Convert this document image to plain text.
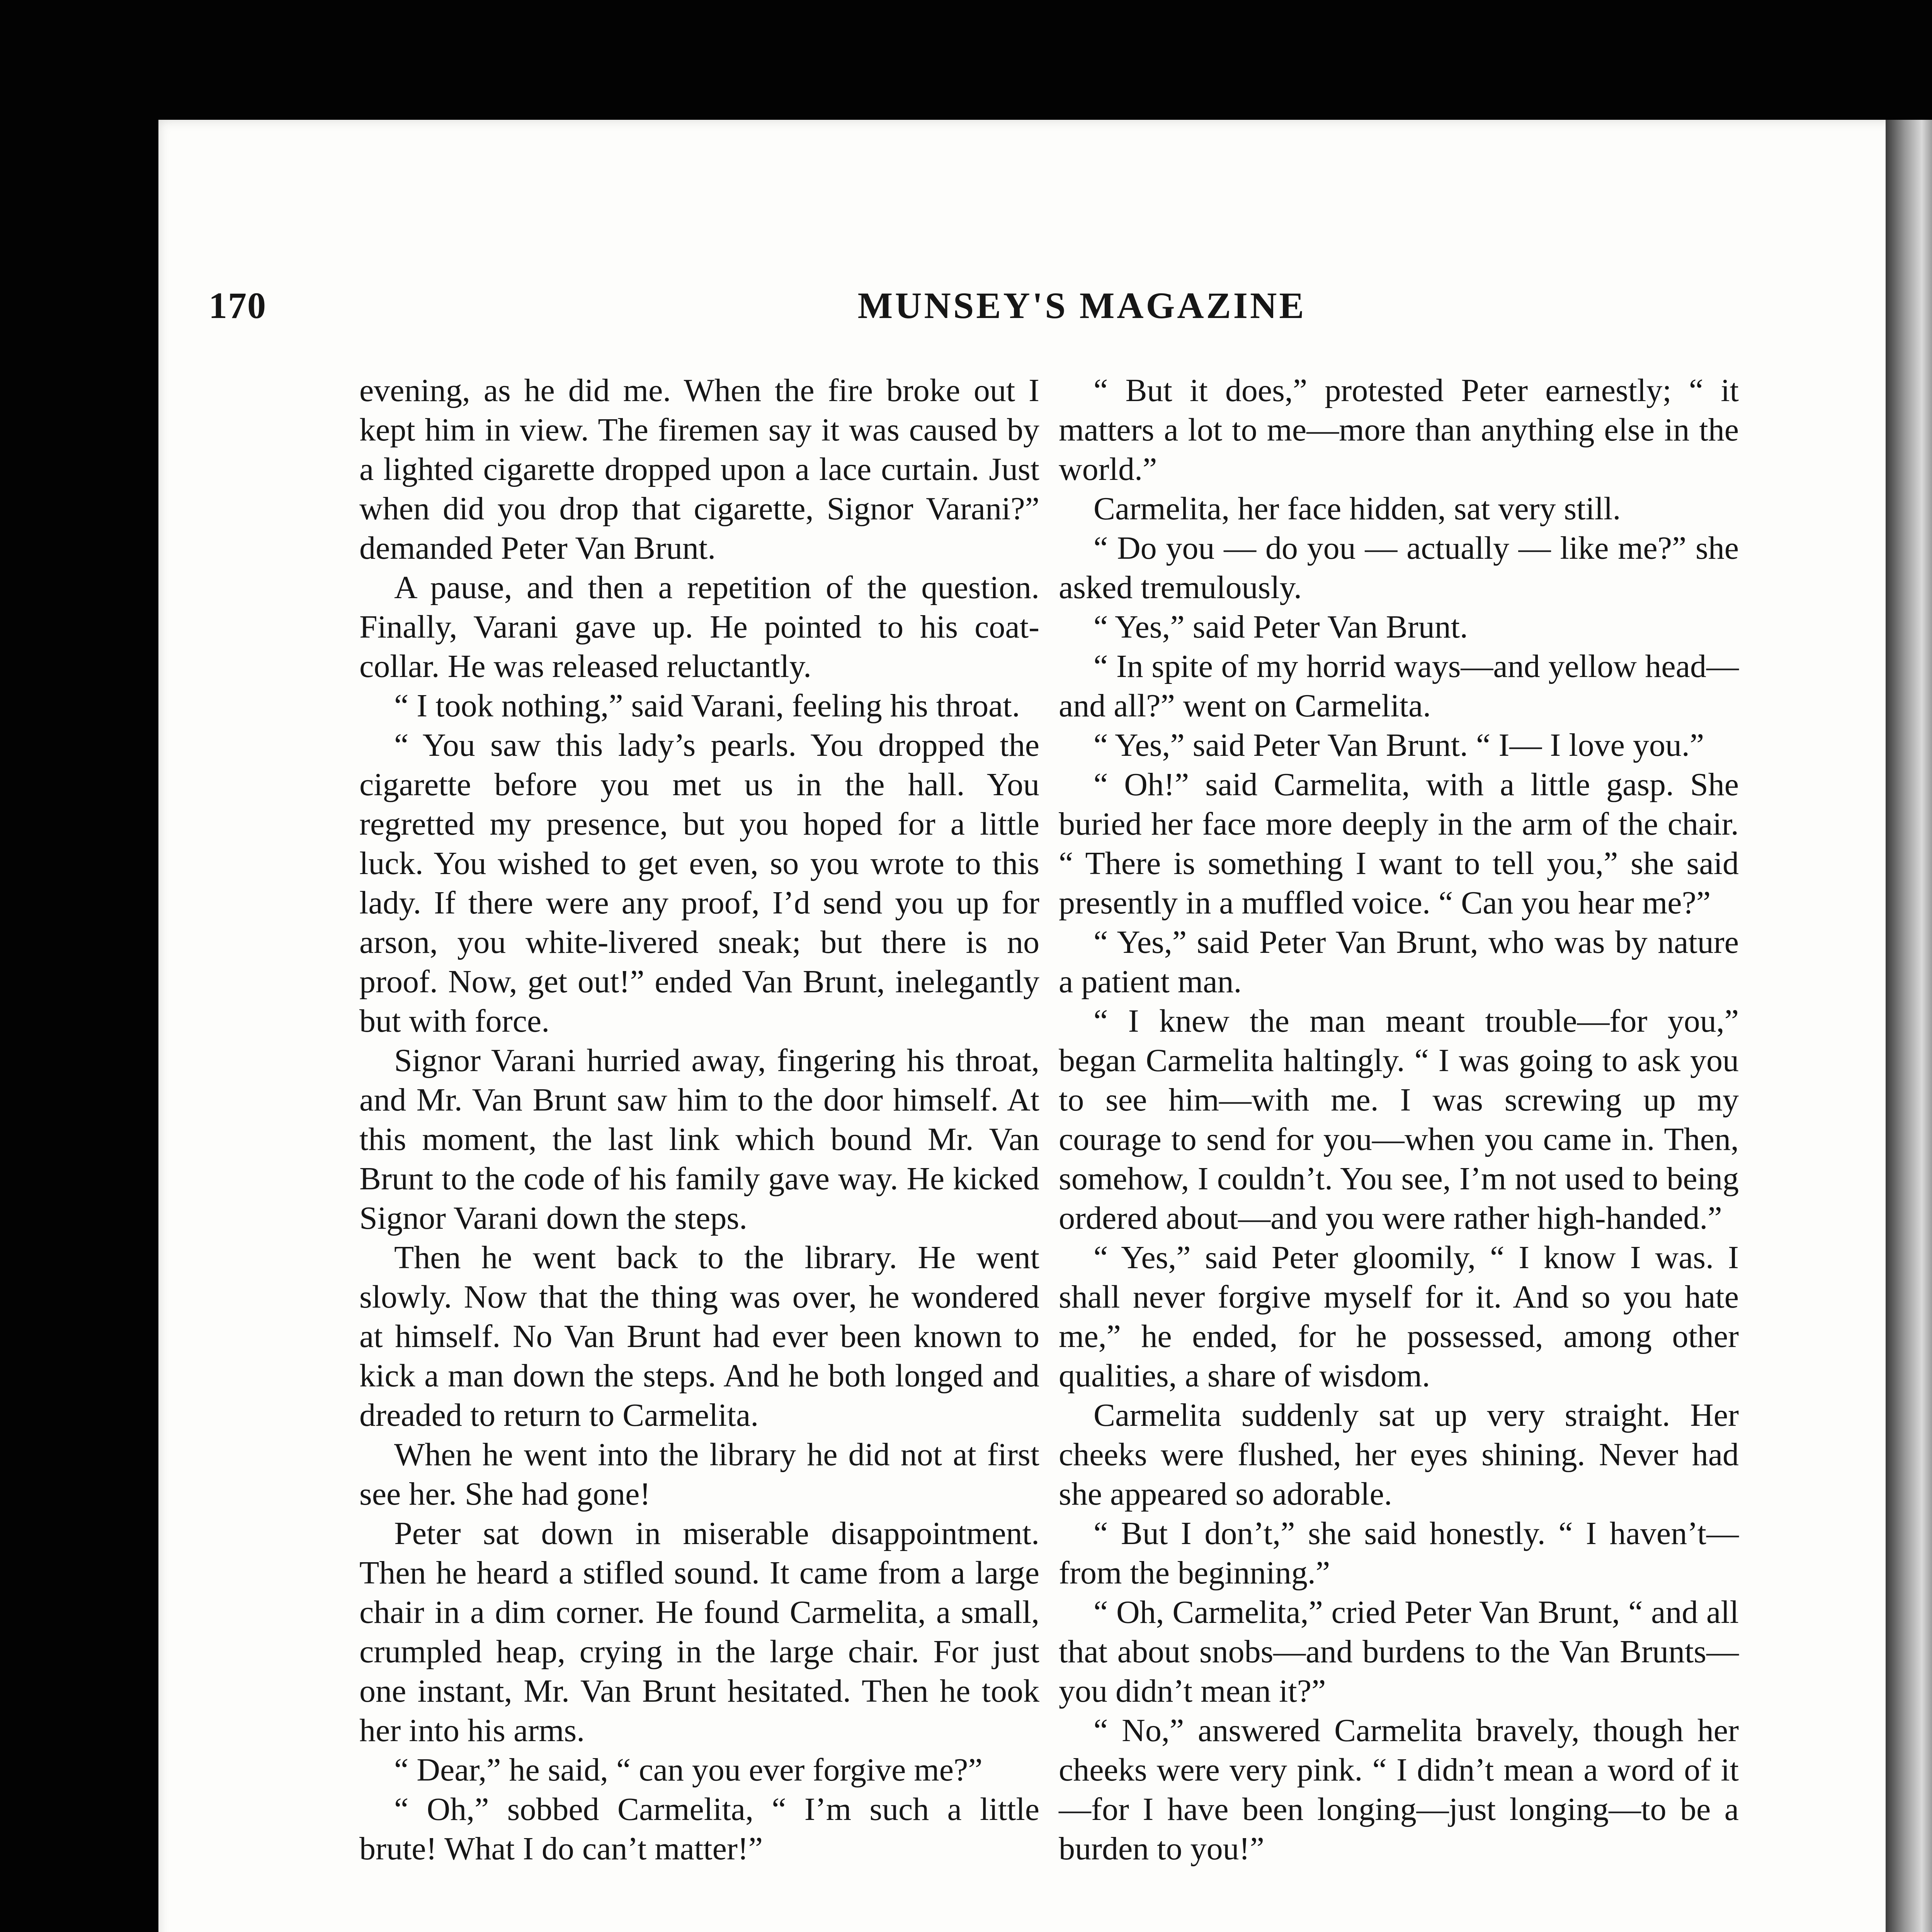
170	MUNSEY'S MAGAZINE

evening, as he did me. When the fire broke out I kept him in view. The firemen say it was caused by a lighted cigarette dropped upon a lace curtain. Just when did you drop that cigarette, Signor Varani?” demanded Peter Van Brunt.

A pause, and then a repetition of the question. Finally, Varani gave up. He pointed to his coat-collar. He was released reluctantly.

“ I took nothing,” said Varani, feeling his throat.

“ You saw this lady’s pearls. You dropped the cigarette before you met us in the hall. You regretted my presence, but you hoped for a little luck. You wished to get even, so you wrote to this lady. If there were any proof, I’d send you up for arson, you white-livered sneak; but there is no proof. Now, get out!” ended Van Brunt, inelegantly but with force.

Signor Varani hurried away, fingering his throat, and Mr. Van Brunt saw him to the door himself. At this moment, the last link which bound Mr. Van Brunt to the code of his family gave way. He kicked Signor Varani down the steps.

Then he went back to the library. He went slowly. Now that the thing was over, he wondered at himself. No Van Brunt had ever been known to kick a man down the steps. And he both longed and dreaded to return to Carmelita.

When he went into the library he did not at first see her. She had gone!

Peter sat down in miserable disappointment. Then he heard a stifled sound. It came from a large chair in a dim corner. He found Carmelita, a small, crumpled heap, crying in the large chair. For just one instant, Mr. Van Brunt hesitated. Then he took her into his arms.

“ Dear,” he said, “ can you ever forgive me?”

“ Oh,” sobbed Carmelita, “ I’m such a little brute! What I do can’t matter!”

“ But it does,” protested Peter earnestly; “ it matters a lot to me—more than anything else in the world.”

Carmelita, her face hidden, sat very still.

“ Do you — do you — actually — like me?” she asked tremulously.

“ Yes,” said Peter Van Brunt.

“ In spite of my horrid ways—and yellow head—and all?” went on Carmelita.

“ Yes,” said Peter Van Brunt. “ I— I love you.”

“ Oh!” said Carmelita, with a little gasp. She buried her face more deeply in the arm of the chair. “ There is something I want to tell you,” she said presently in a muffled voice. “ Can you hear me?”

“ Yes,” said Peter Van Brunt, who was by nature a patient man.

“ I knew the man meant trouble—for you,” began Carmelita haltingly. “ I was going to ask you to see him—with me. I was screwing up my courage to send for you—when you came in. Then, somehow, I couldn’t. You see, I’m not used to being ordered about—and you were rather high-handed.”

“ Yes,” said Peter gloomily, “ I know I was. I shall never forgive myself for it. And so you hate me,” he ended, for he possessed, among other qualities, a share of wisdom.

Carmelita suddenly sat up very straight. Her cheeks were flushed, her eyes shining. Never had she appeared so adorable.

“ But I don’t,” she said honestly. “ I haven’t—from the beginning.”

“ Oh, Carmelita,” cried Peter Van Brunt, “ and all that about snobs—and burdens to the Van Brunts—you didn’t mean it?”

“ No,” answered Carmelita bravely, though her cheeks were very pink. “ I didn’t mean a word of it—for I have been longing—just longing—to be a burden to you!”
